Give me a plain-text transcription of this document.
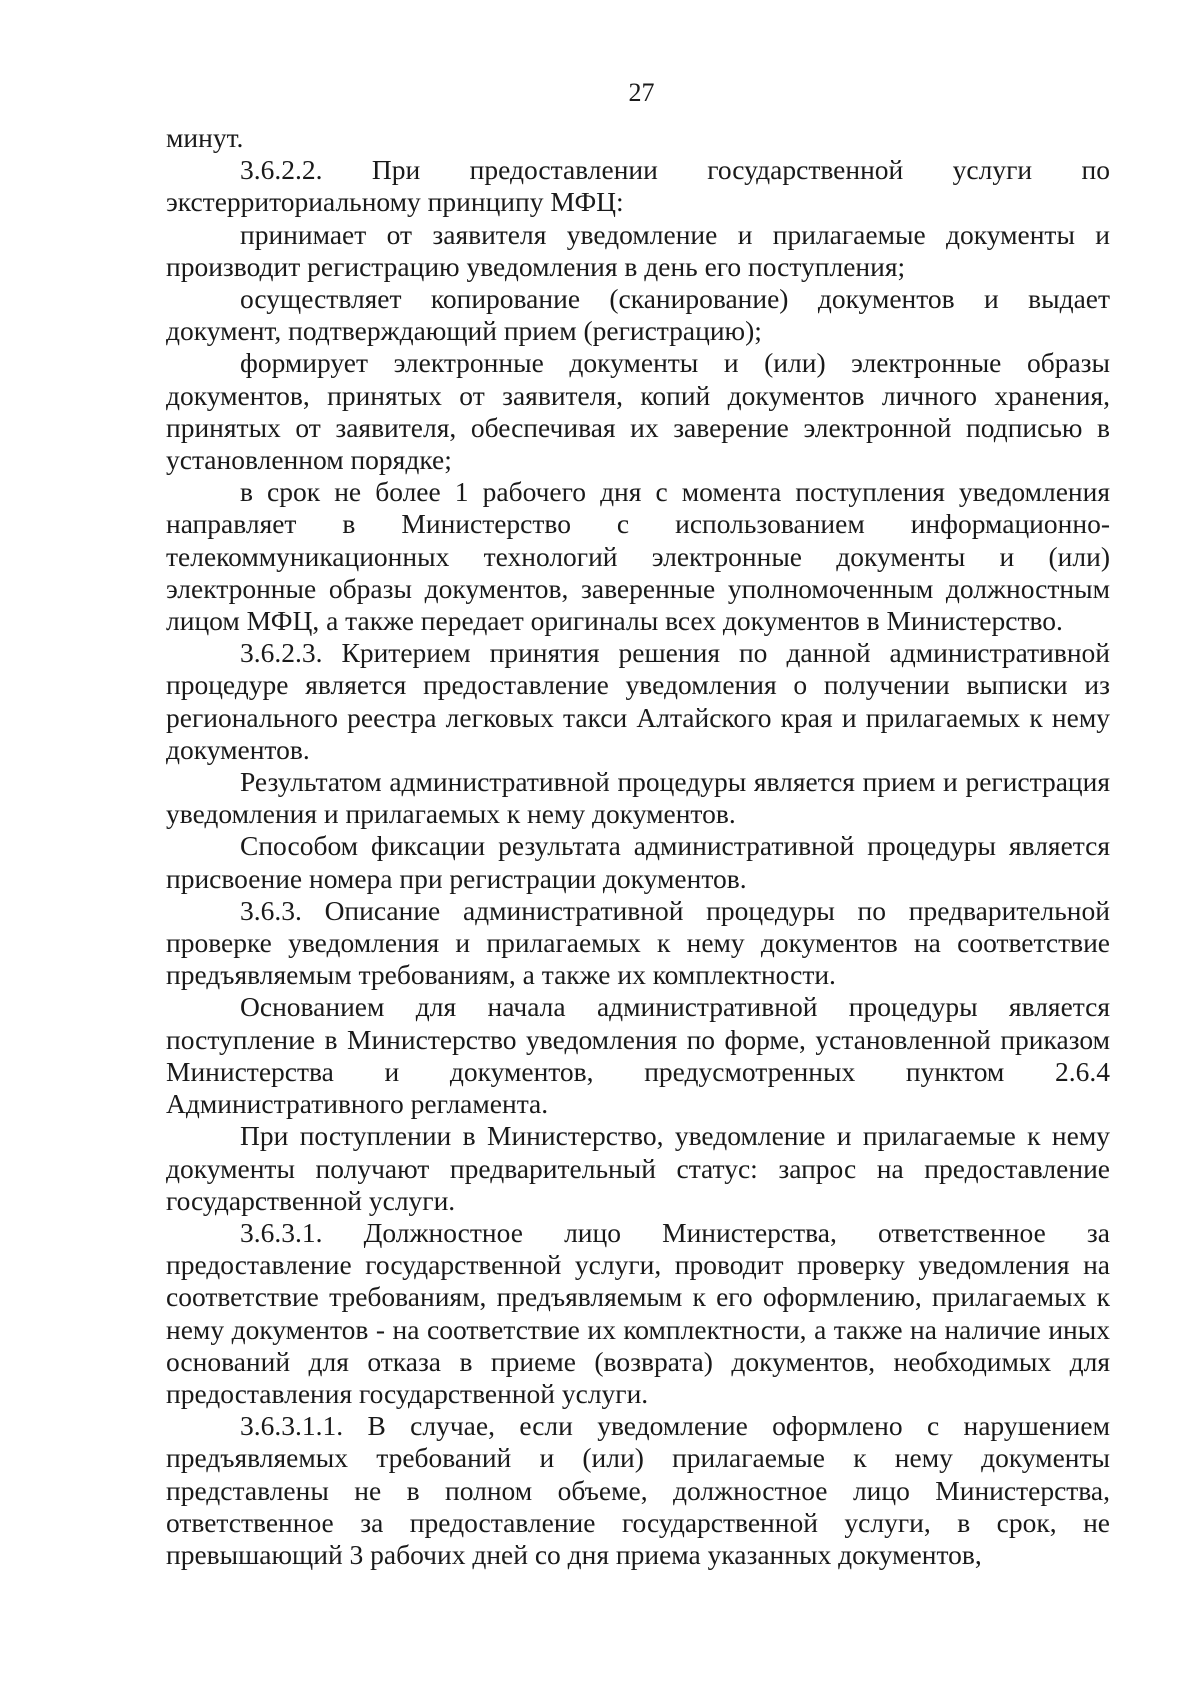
27

минут.

3.6.2.2. При предоставлении государственной услуги по экстерриториальному принципу МФЦ:

принимает от заявителя уведомление и прилагаемые документы и производит регистрацию уведомления в день его поступления;

осуществляет копирование (сканирование) документов и выдает документ, подтверждающий прием (регистрацию);

формирует электронные документы и (или) электронные образы документов, принятых от заявителя, копий документов личного хранения, принятых от заявителя, обеспечивая их заверение электронной подписью в установленном порядке;

в срок не более 1 рабочего дня с момента поступления уведомления направляет в Министерство с использованием информационно-телекоммуникационных технологий электронные документы и (или) электронные образы документов, заверенные уполномоченным должностным лицом МФЦ, а также передает оригиналы всех документов в Министерство.

3.6.2.3. Критерием принятия решения по данной административной процедуре является предоставление уведомления о получении выписки из регионального реестра легковых такси Алтайского края и прилагаемых к нему документов.

Результатом административной процедуры является прием и регистрация уведомления и прилагаемых к нему документов.

Способом фиксации результата административной процедуры является присвоение номера при регистрации документов.

3.6.3. Описание административной процедуры по предварительной проверке уведомления и прилагаемых к нему документов на соответствие предъявляемым требованиям, а также их комплектности.

Основанием для начала административной процедуры является поступление в Министерство уведомления по форме, установленной приказом Министерства и документов, предусмотренных пунктом 2.6.4 Административного регламента.

При поступлении в Министерство, уведомление и прилагаемые к нему документы получают предварительный статус: запрос на предоставление государственной услуги.

3.6.3.1. Должностное лицо Министерства, ответственное за предоставление государственной услуги, проводит проверку уведомления на соответствие требованиям, предъявляемым к его оформлению, прилагаемых к нему документов - на соответствие их комплектности, а также на наличие иных оснований для отказа в приеме (возврата) документов, необходимых для предоставления государственной услуги.

3.6.3.1.1. В случае, если уведомление оформлено с нарушением предъявляемых требований и (или) прилагаемые к нему документы представлены не в полном объеме, должностное лицо Министерства, ответственное за предоставление государственной услуги, в срок, не превышающий 3 рабочих дней со дня приема указанных документов,
